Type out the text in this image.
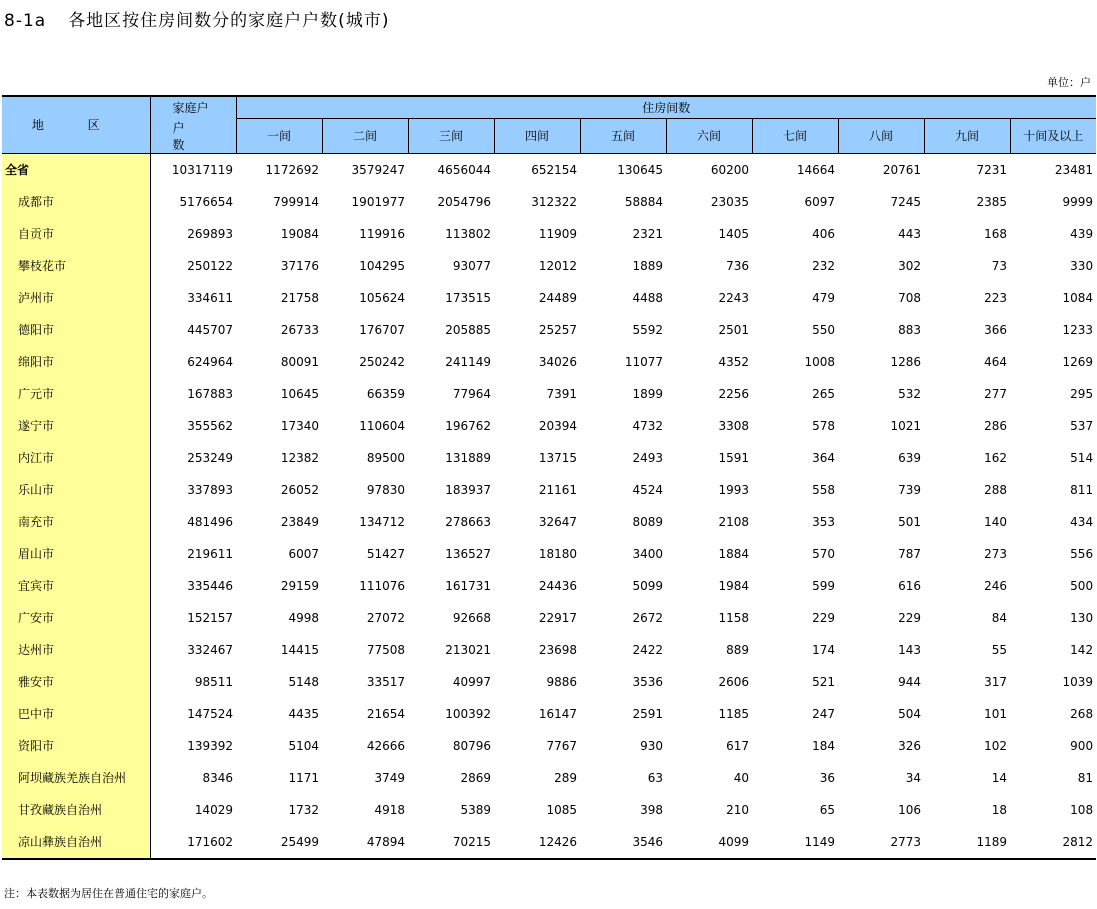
8-1a 各地区按住房间数分的家庭户户数(城市)
单位：户
地 区	家庭户	住房间数									
	户 数	一间	二间	三间	四间	五间	六间	七间	八间	九间	十间及以上
全省	10317119	1172692	3579247	4656044	652154	130645	60200	14664	20761	7231	23481
成都市	5176654	799914	1901977	2054796	312322	58884	23035	6097	7245	2385	9999
自贡市	269893	19084	119916	113802	11909	2321	1405	406	443	168	439
攀枝花市	250122	37176	104295	93077	12012	1889	736	232	302	73	330
泸州市	334611	21758	105624	173515	24489	4488	2243	479	708	223	1084
德阳市	445707	26733	176707	205885	25257	5592	2501	550	883	366	1233
绵阳市	624964	80091	250242	241149	34026	11077	4352	1008	1286	464	1269
广元市	167883	10645	66359	77964	7391	1899	2256	265	532	277	295
遂宁市	355562	17340	110604	196762	20394	4732	3308	578	1021	286	537
内江市	253249	12382	89500	131889	13715	2493	1591	364	639	162	514
乐山市	337893	26052	97830	183937	21161	4524	1993	558	739	288	811
南充市	481496	23849	134712	278663	32647	8089	2108	353	501	140	434
眉山市	219611	6007	51427	136527	18180	3400	1884	570	787	273	556
宜宾市	335446	29159	111076	161731	24436	5099	1984	599	616	246	500
广安市	152157	4998	27072	92668	22917	2672	1158	229	229	84	130
达州市	332467	14415	77508	213021	23698	2422	889	174	143	55	142
雅安市	98511	5148	33517	40997	9886	3536	2606	521	944	317	1039
巴中市	147524	4435	21654	100392	16147	2591	1185	247	504	101	268
资阳市	139392	5104	42666	80796	7767	930	617	184	326	102	900
阿坝藏族羌族自治州	8346	1171	3749	2869	289	63	40	36	34	14	81
甘孜藏族自治州	14029	1732	4918	5389	1085	398	210	65	106	18	108
凉山彝族自治州	171602	25499	47894	70215	12426	3546	4099	1149	2773	1189	2812
注：本表数据为居住在普通住宅的家庭户。
